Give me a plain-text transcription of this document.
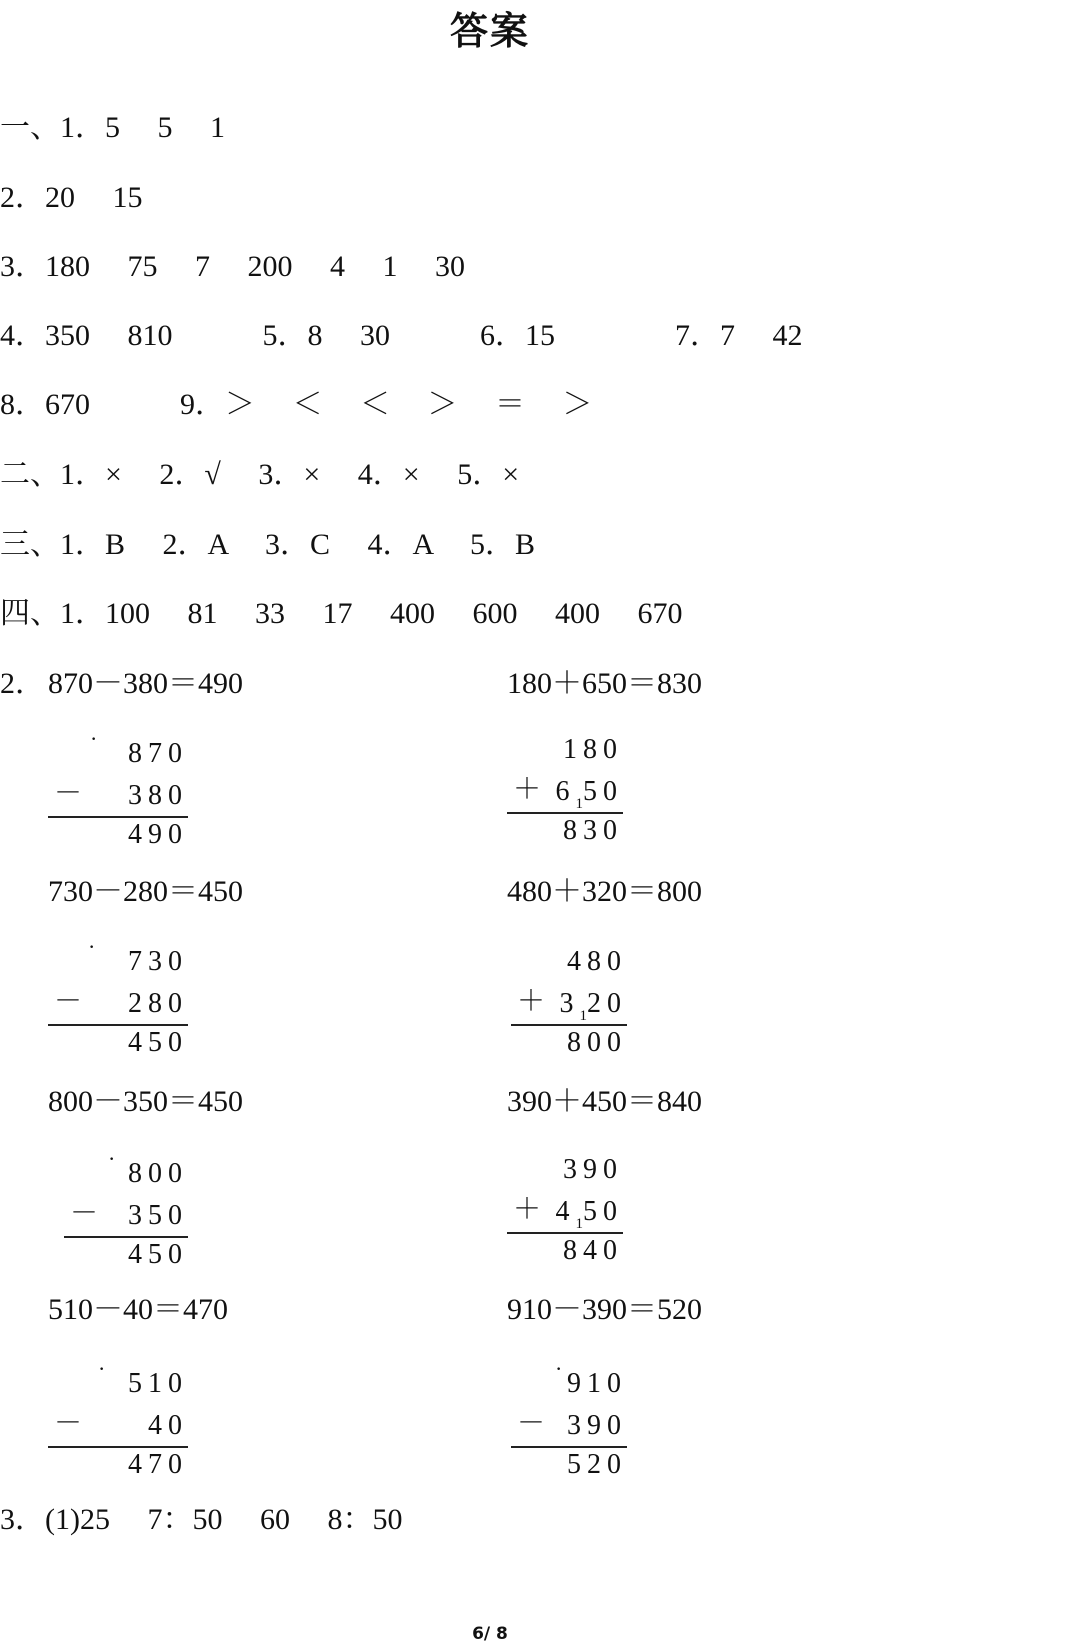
答案
一、1．5　 5　 1
2．20　 15
3．180　 75　 7　 200　 4　 1　 30
4．350　 810　　　5．8　 30　　　6．15　　　　7．7　 42
8．670　　　9．＞　 ＜　 ＜　 ＞　 ＝　 ＞
二、1．×　 2．√　 3．×　 4．×　 5．×
三、1．B　 2．A　 3．C　 4．A　 5．B
四、1．100　 81　 33　 17　 400　 600　 400　 670
2． 870－380＝490	180＋650＝830
730－280＝450	480＋320＝800
800－350＝450	390＋450＝840
510－40＝470	910－390＝520
· 870
－ 380
490
180
＋ $6_150$
830
· 730
－ 280
450
480
＋ $3_120$
800
· 800
－ 350
450
390
＋ $4_150$
840
· 510
－ 40
470
· 910
－ 390
520
3．(1)25　 7：50　 60　 8：50
6/ 8
